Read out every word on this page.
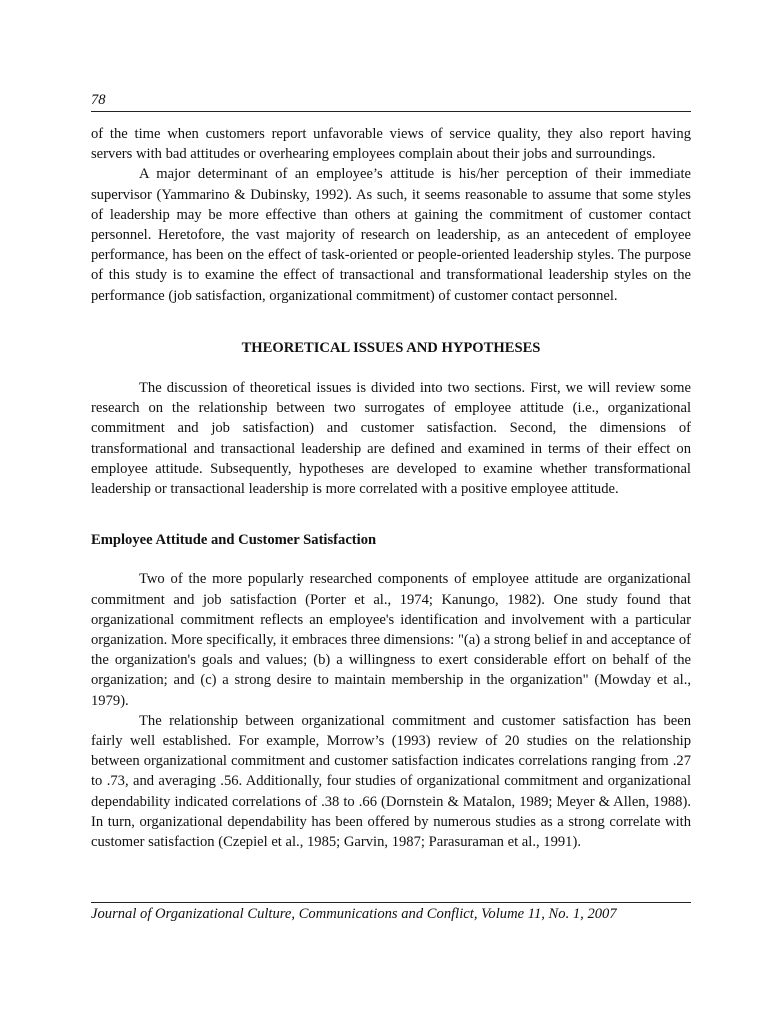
78

of the time when customers report unfavorable views of service quality, they also report having servers with bad attitudes or overhearing employees complain about their jobs and surroundings.

A major determinant of an employee’s attitude is his/her perception of their immediate supervisor (Yammarino & Dubinsky, 1992). As such, it seems reasonable to assume that some styles of leadership may be more effective than others at gaining the commitment of customer contact personnel. Heretofore, the vast majority of research on leadership, as an antecedent of employee performance, has been on the effect of task-oriented or people-oriented leadership styles. The purpose of this study is to examine the effect of transactional and transformational leadership styles on the performance (job satisfaction, organizational commitment) of customer contact personnel.

THEORETICAL ISSUES AND HYPOTHESES

The discussion of theoretical issues is divided into two sections. First, we will review some research on the relationship between two surrogates of employee attitude (i.e., organizational commitment and job satisfaction) and customer satisfaction. Second, the dimensions of transformational and transactional leadership are defined and examined in terms of their effect on employee attitude. Subsequently, hypotheses are developed to examine whether transformational leadership or transactional leadership is more correlated with a positive employee attitude.

Employee Attitude and Customer Satisfaction

Two of the more popularly researched components of employee attitude are organizational commitment and job satisfaction (Porter et al., 1974; Kanungo, 1982). One study found that organizational commitment reflects an employee's identification and involvement with a particular organization. More specifically, it embraces three dimensions: "(a) a strong belief in and acceptance of the organization's goals and values; (b) a willingness to exert considerable effort on behalf of the organization; and (c) a strong desire to maintain membership in the organization" (Mowday et al., 1979).

The relationship between organizational commitment and customer satisfaction has been fairly well established. For example, Morrow’s (1993) review of 20 studies on the relationship between organizational commitment and customer satisfaction indicates correlations ranging from .27 to .73, and averaging .56. Additionally, four studies of organizational commitment and organizational dependability indicated correlations of .38 to .66 (Dornstein & Matalon, 1989; Meyer & Allen, 1988). In turn, organizational dependability has been offered by numerous studies as a strong correlate with customer satisfaction (Czepiel et al., 1985; Garvin, 1987; Parasuraman et al., 1991).

Journal of Organizational Culture, Communications and Conflict, Volume 11, No. 1, 2007
